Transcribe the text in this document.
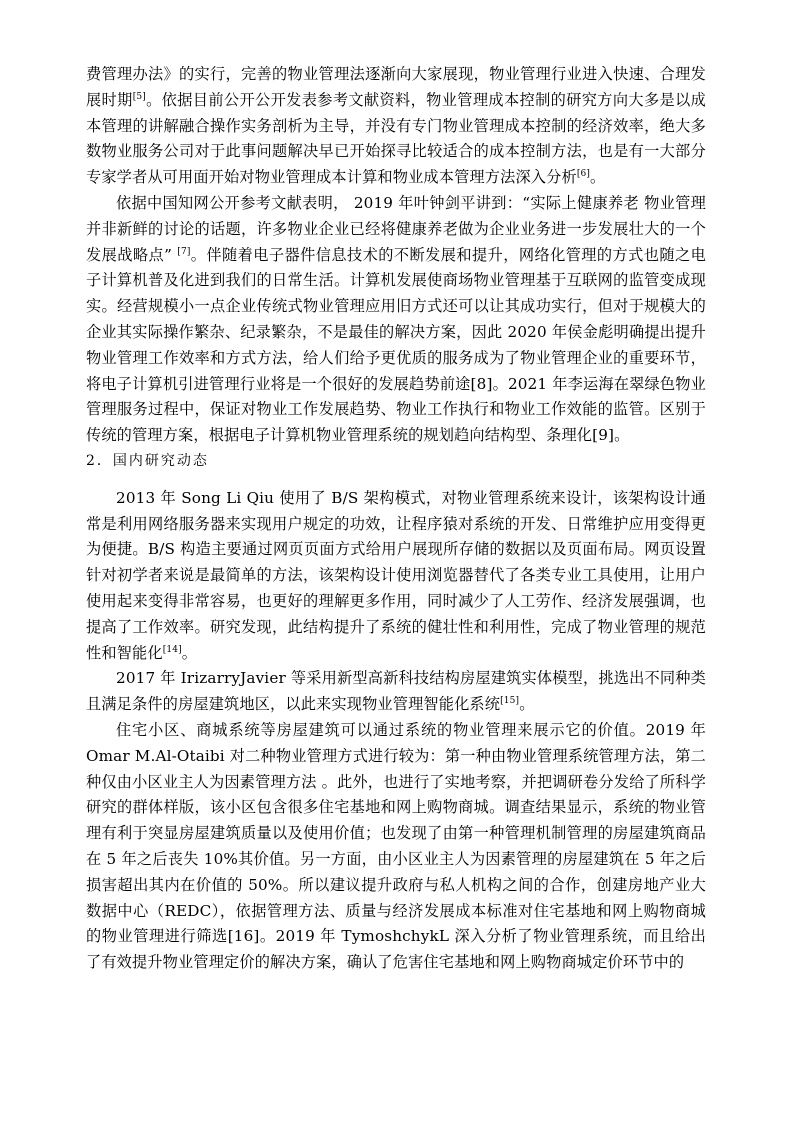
费管理办法》的实行，完善的物业管理法逐渐向大家展现，物业管理行业进入快速、合理发展时期[5]。依据目前公开公开发表参考文献资料，物业管理成本控制的研究方向大多是以成本管理的讲解融合操作实务剖析为主导，并没有专门物业管理成本控制的经济效率，绝大多数物业服务公司对于此事问题解决早已开始探寻比较适合的成本控制方法，也是有一大部分专家学者从可用面开始对物业管理成本计算和物业成本管理方法深入分析[6]。

依据中国知网公开参考文献表明， 2019 年叶钟剑平讲到：“实际上健康养老 物业管理并非新鲜的讨论的话题，许多物业企业已经将健康养老做为企业业务进一步发展壮大的一个发展战略点” [7]。伴随着电子器件信息技术的不断发展和提升，网络化管理的方式也随之电子计算机普及化进到我们的日常生活。计算机发展使商场物业管理基于互联网的监管变成现实。经营规模小一点企业传统式物业管理应用旧方式还可以让其成功实行，但对于规模大的企业其实际操作繁杂、纪录繁杂，不是最佳的解决方案，因此 2020 年侯金彪明确提出提升物业管理工作效率和方式方法，给人们给予更优质的服务成为了物业管理企业的重要环节，将电子计算机引进管理行业将是一个很好的发展趋势前途[8]。2021 年李运海在翠绿色物业管理服务过程中，保证对物业工作发展趋势、物业工作执行和物业工作效能的监管。区别于传统的管理方案，根据电子计算机物业管理系统的规划趋向结构型、条理化[9]。

2．国内研究动态

2013 年 Song Li Qiu 使用了 B/S 架构模式，对物业管理系统来设计，该架构设计通常是利用网络服务器来实现用户规定的功效，让程序猿对系统的开发、日常维护应用变得更为便捷。B/S 构造主要通过网页页面方式给用户展现所存储的数据以及页面布局。网页设置针对初学者来说是最简单的方法，该架构设计使用浏览器替代了各类专业工具使用，让用户使用起来变得非常容易，也更好的理解更多作用，同时减少了人工劳作、经济发展强调，也提高了工作效率。研究发现，此结构提升了系统的健壮性和利用性，完成了物业管理的规范性和智能化[14]。

2017 年 IrizarryJavier 等采用新型高新科技结构房屋建筑实体模型，挑选出不同种类且满足条件的房屋建筑地区，以此来实现物业管理智能化系统[15]。

住宅小区、商城系统等房屋建筑可以通过系统的物业管理来展示它的价值。2019 年 Omar M.Al-Otaibi 对二种物业管理方式进行较为：第一种由物业管理系统管理方法，第二种仅由小区业主人为因素管理方法 。此外，也进行了实地考察，并把调研卷分发给了所科学研究的群体样版，该小区包含很多住宅基地和网上购物商城。调查结果显示，系统的物业管理有利于突显房屋建筑质量以及使用价值；也发现了由第一种管理机制管理的房屋建筑商品在 5 年之后丧失 10%其价值。另一方面，由小区业主人为因素管理的房屋建筑在 5 年之后损害超出其内在价值的 50%。所以建议提升政府与私人机构之间的合作，创建房地产业大数据中心（REDC），依据管理方法、质量与经济发展成本标准对住宅基地和网上购物商城的物业管理进行筛选[16]。2019 年 TymoshchykL 深入分析了物业管理系统，而且给出了有效提升物业管理定价的解决方案，确认了危害住宅基地和网上购物商城定价环节中的
